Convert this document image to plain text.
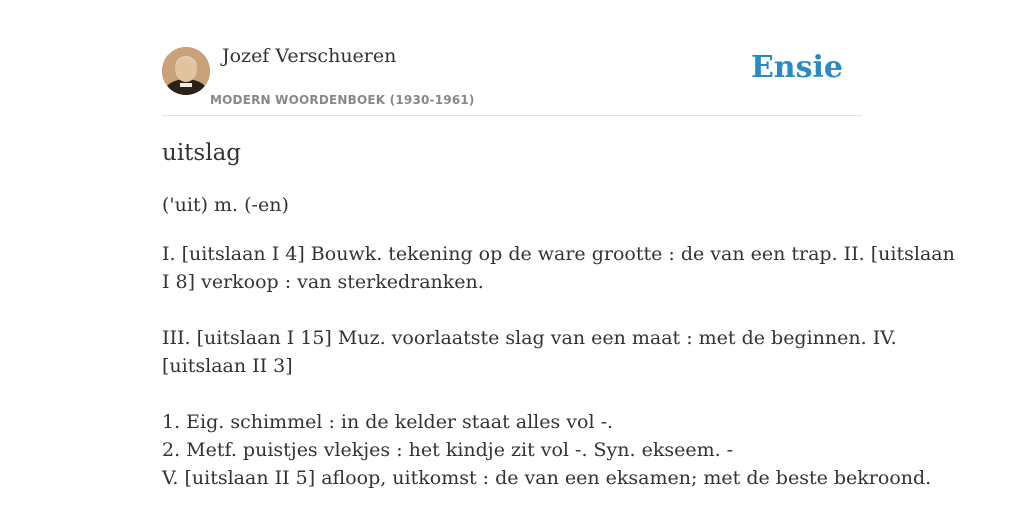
Jozef Verschueren
MODERN WOORDENBOEK (1930-1961)
Ensie
uitslag
('uit) m. (-en)
I. [uitslaan I 4] Bouwk. tekening op de ware grootte : de van een trap. II. [uitslaan
I 8] verkoop : van sterkedranken.
III. [uitslaan I 15] Muz. voorlaatste slag van een maat : met de beginnen. IV.
[uitslaan II 3]
1. Eig. schimmel : in de kelder staat alles vol -.
2. Metf. puistjes vlekjes : het kindje zit vol -. Syn. ekseem. -
V. [uitslaan II 5] afloop, uitkomst : de van een eksamen; met de beste bekroond.
